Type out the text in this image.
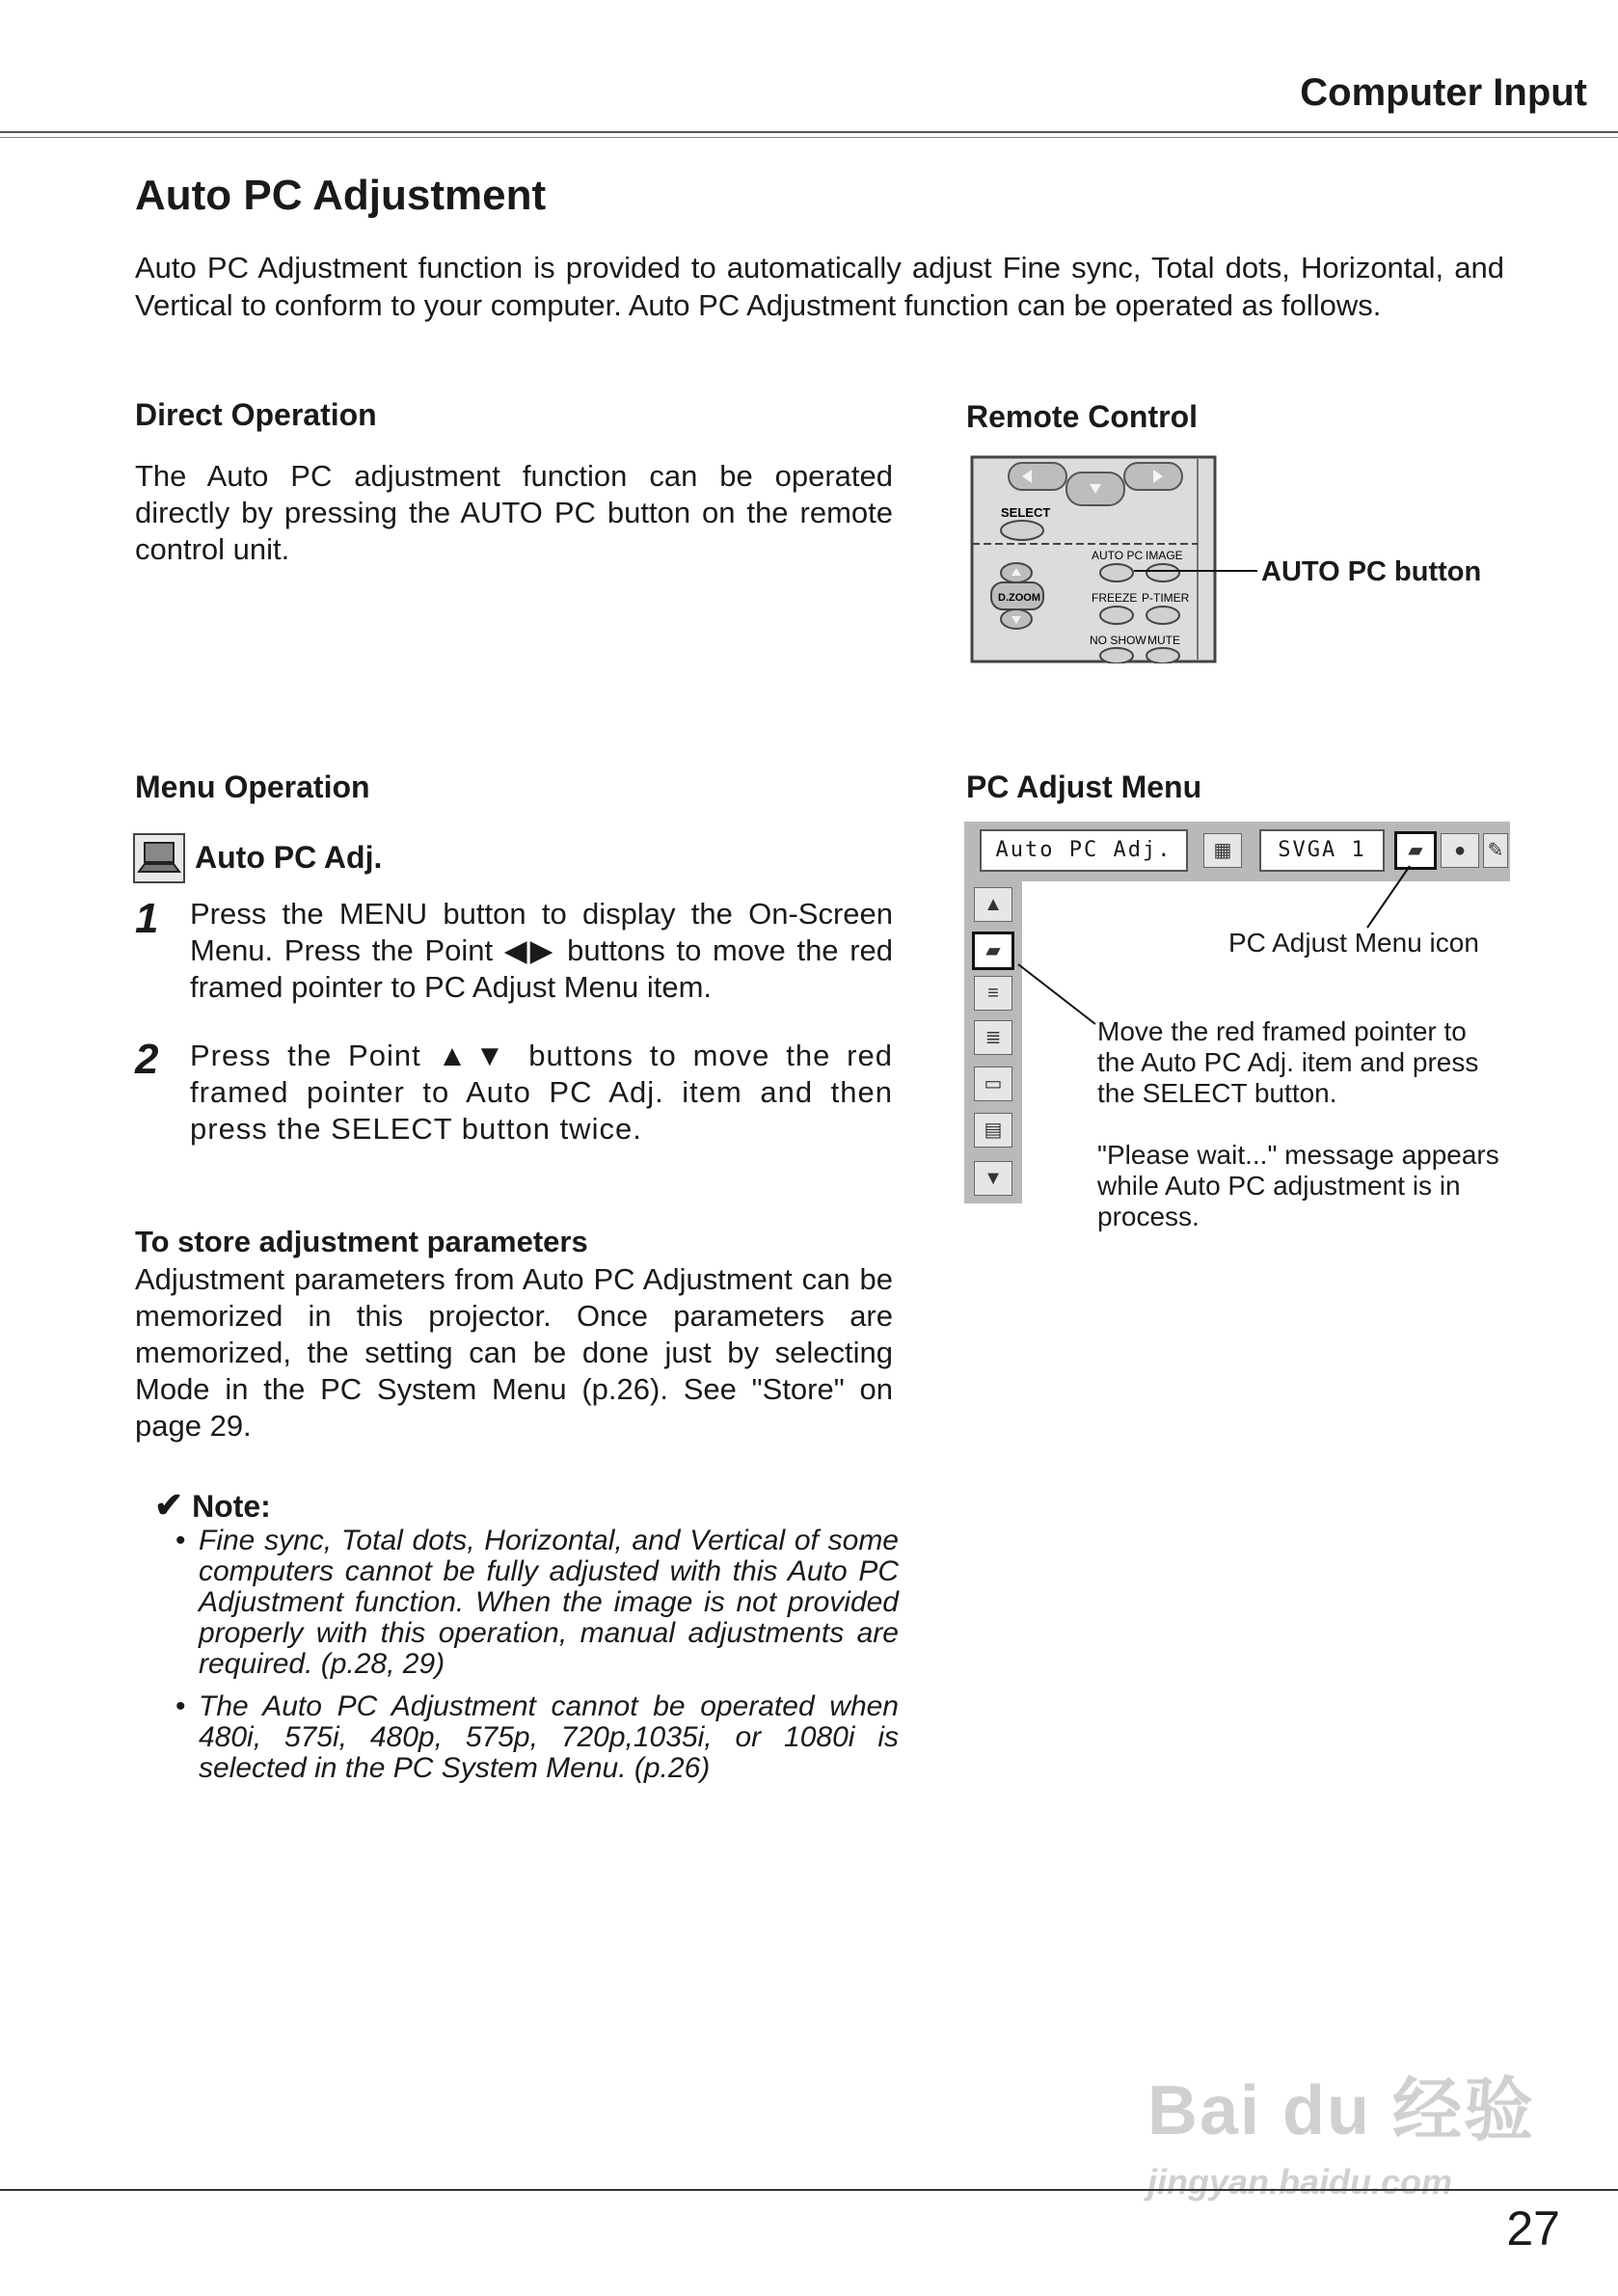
Computer Input
Auto PC Adjustment
Auto PC Adjustment function is provided to automatically adjust Fine sync, Total dots, Horizontal, and Vertical to conform to your computer. Auto PC Adjustment function can be operated as follows.
Direct Operation
The Auto PC adjustment function can be operated directly by pressing the AUTO PC button on the remote control unit.
Remote Control
SELECT
AUTO PC IMAGE
D.ZOOM	FREEZE P-TIMER
NO SHOW MUTE
AUTO PC button
Menu Operation
Auto PC Adj.
1 Press the MENU button to display the On-Screen Menu. Press the Point ◀▶ buttons to move the red framed pointer to PC Adjust Menu item.
2 Press the Point ▲▼ buttons to move the red framed pointer to Auto PC Adj. item and then press the SELECT button twice.
To store adjustment parameters
Adjustment parameters from Auto PC Adjustment can be memorized in this projector. Once parameters are memorized, the setting can be done just by selecting Mode in the PC System Menu (p.26). See "Store" on page 29.
✔ Note:
• Fine sync, Total dots, Horizontal, and Vertical of some computers cannot be fully adjusted with this Auto PC Adjustment function. When the image is not provided properly with this operation, manual adjustments are required. (p.28, 29)
• The Auto PC Adjustment cannot be operated when 480i, 575i, 480p, 575p, 720p,1035i, or 1080i is selected in the PC System Menu. (p.26)
PC Adjust Menu
Auto PC Adj.	▦	SVGA 1	▰	●	✎
▲
▰
≡
≣
▭
▤
▼
PC Adjust Menu icon
Move the red framed pointer to the Auto PC Adj. item and press the SELECT button.
"Please wait..." message appears while Auto PC adjustment is in process.
Bai du 经验
jingyan.baidu.com
27
